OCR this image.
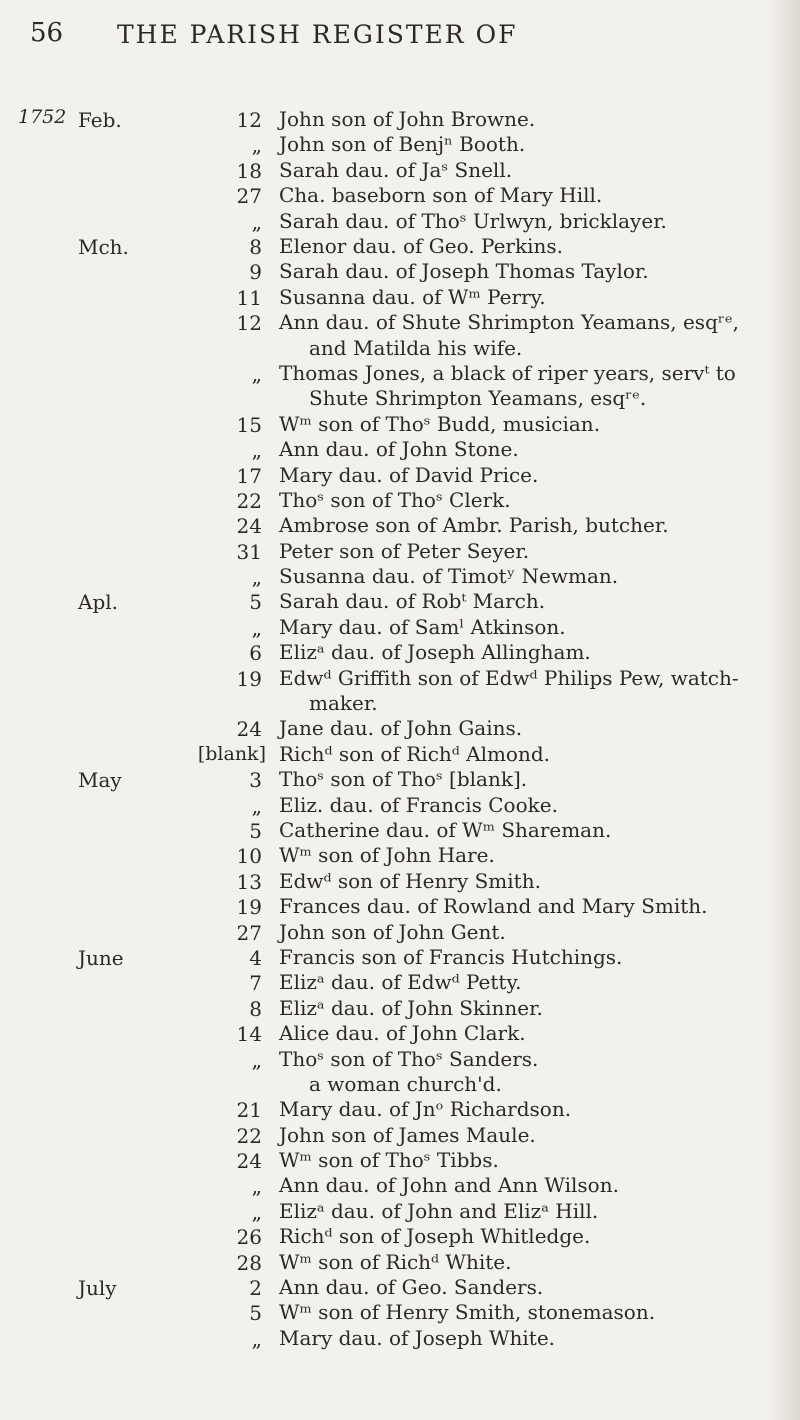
56 THE PARISH REGISTER OF
1752 Feb.	12 John son of John Browne.
„ John son of Benjⁿ Booth.
18 Sarah dau. of Jaˢ Snell.
27 Cha. baseborn son of Mary Hill.
„ Sarah dau. of Thoˢ Urlwyn, bricklayer.
Mch.	8 Elenor dau. of Geo. Perkins.
9 Sarah dau. of Joseph Thomas Taylor.
11 Susanna dau. of Wᵐ Perry.
12 Ann dau. of Shute Shrimpton Yeamans, esqʳᵉ,
and Matilda his wife.
„ Thomas Jones, a black of riper years, servᵗ to
Shute Shrimpton Yeamans, esqʳᵉ.
15 Wᵐ son of Thoˢ Budd, musician.
„ Ann dau. of John Stone.
17 Mary dau. of David Price.
22 Thoˢ son of Thoˢ Clerk.
24 Ambrose son of Ambr. Parish, butcher.
31 Peter son of Peter Seyer.
„ Susanna dau. of Timotʸ Newman.
Apl.	5 Sarah dau. of Robᵗ March.
„ Mary dau. of Samˡ Atkinson.
6 Elizᵃ dau. of Joseph Allingham.
19 Edwᵈ Griffith son of Edwᵈ Philips Pew, watch-
maker.
24 Jane dau. of John Gains.
[blank] Richᵈ son of Richᵈ Almond.
May	3 Thoˢ son of Thoˢ [blank].
„ Eliz. dau. of Francis Cooke.
5 Catherine dau. of Wᵐ Shareman.
10 Wᵐ son of John Hare.
13 Edwᵈ son of Henry Smith.
19 Frances dau. of Rowland and Mary Smith.
27 John son of John Gent.
June	4 Francis son of Francis Hutchings.
7 Elizᵃ dau. of Edwᵈ Petty.
8 Elizᵃ dau. of John Skinner.
14 Alice dau. of John Clark.
„ Thoˢ son of Thoˢ Sanders.
a woman church'd.
21 Mary dau. of Jnᵒ Richardson.
22 John son of James Maule.
24 Wᵐ son of Thoˢ Tibbs.
„ Ann dau. of John and Ann Wilson.
„ Elizᵃ dau. of John and Elizᵃ Hill.
26 Richᵈ son of Joseph Whitledge.
28 Wᵐ son of Richᵈ White.
July	2 Ann dau. of Geo. Sanders.
5 Wᵐ son of Henry Smith, stonemason.
„ Mary dau. of Joseph White.
